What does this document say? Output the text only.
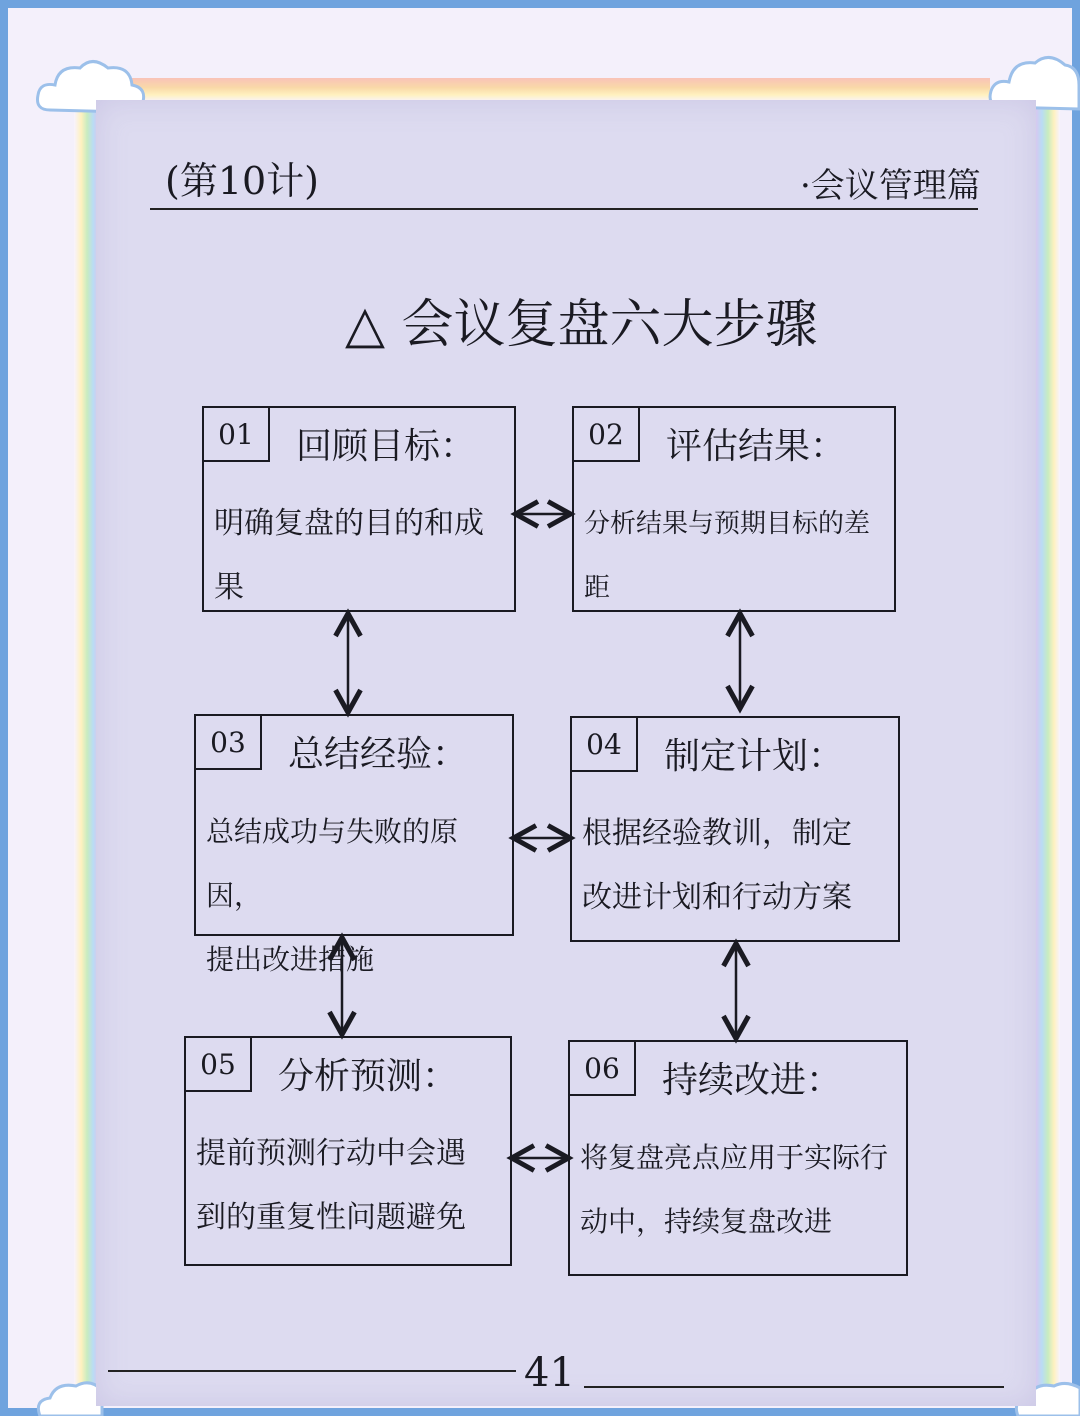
(第10计)	·会议管理篇
△ 会议复盘六大步骤
01	回顾目标：
明确复盘的目的和成果
02	评估结果：
分析结果与预期目标的差距
03	总结经验：
总结成功与失败的原因，
提出改进措施
04	制定计划：
根据经验教训，制定
改进计划和行动方案
05	分析预测：
提前预测行动中会遇
到的重复性问题避免
06	持续改进：
将复盘亮点应用于实际行
动中，持续复盘改进
41
